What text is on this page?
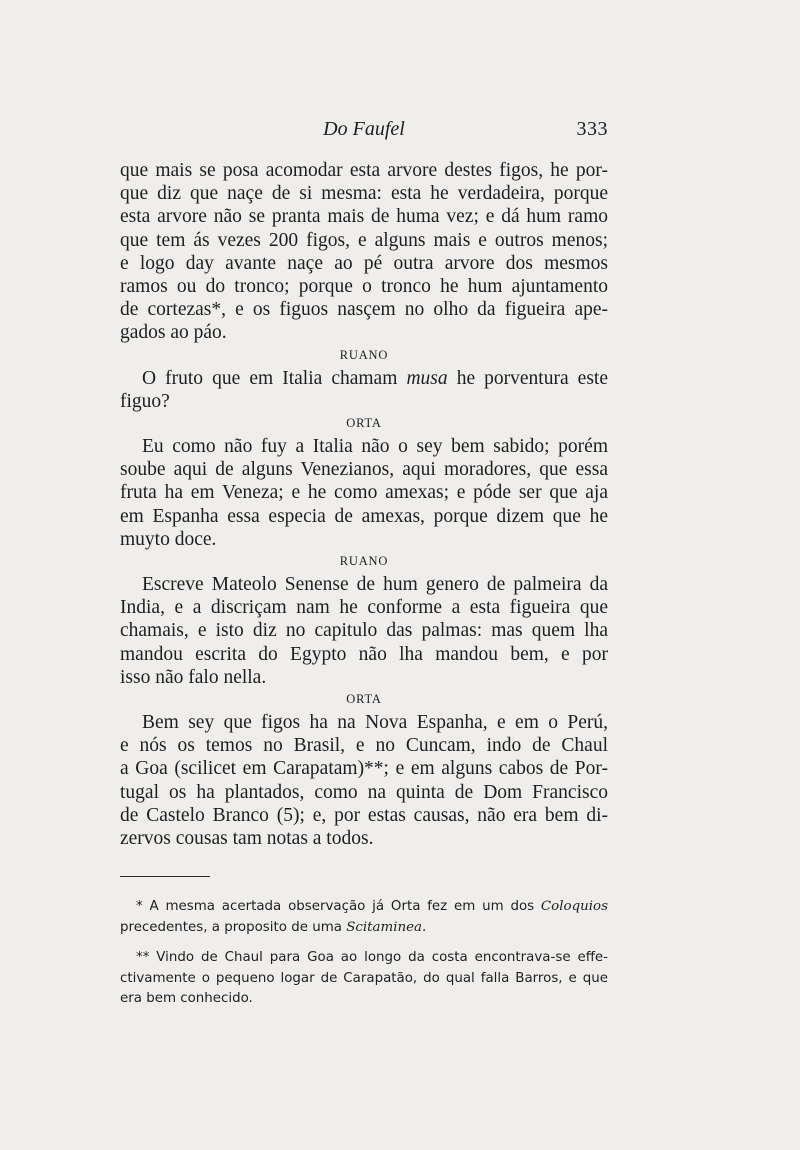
Do Faufel	333

que mais se posa acomodar esta arvore destes figos, he por-
que diz que naçe de si mesma: esta he verdadeira, porque
esta arvore não se pranta mais de huma vez; e dá hum ramo
que tem ás vezes 200 figos, e alguns mais e outros menos;
e logo day avante naçe ao pé outra arvore dos mesmos
ramos ou do tronco; porque o tronco he hum ajuntamento
de cortezas*, e os figuos nasçem no olho da figueira ape-
gados ao páo.

RUANO

O fruto que em Italia chamam musa he porventura este
figuo?

ORTA

Eu como não fuy a Italia não o sey bem sabido; porém
soube aqui de alguns Venezianos, aqui moradores, que essa
fruta ha em Veneza; e he como amexas; e póde ser que aja
em Espanha essa especia de amexas, porque dizem que he
muyto doce.

RUANO

Escreve Mateolo Senense de hum genero de palmeira da
India, e a discriçam nam he conforme a esta figueira que
chamais, e isto diz no capitulo das palmas: mas quem lha
mandou escrita do Egypto não lha mandou bem, e por
isso não falo nella.

ORTA

Bem sey que figos ha na Nova Espanha, e em o Perú,
e nós os temos no Brasil, e no Cuncam, indo de Chaul
a Goa (scilicet em Carapatam)**; e em alguns cabos de Por-
tugal os ha plantados, como na quinta de Dom Francisco
de Castelo Branco (5); e, por estas causas, não era bem di-
zervos cousas tam notas a todos.

* A mesma acertada observação já Orta fez em um dos Coloquios
precedentes, a proposito de uma Scitaminea.

** Vindo de Chaul para Goa ao longo da costa encontrava-se effe-
ctivamente o pequeno logar de Carapatão, do qual falla Barros, e que
era bem conhecido.
